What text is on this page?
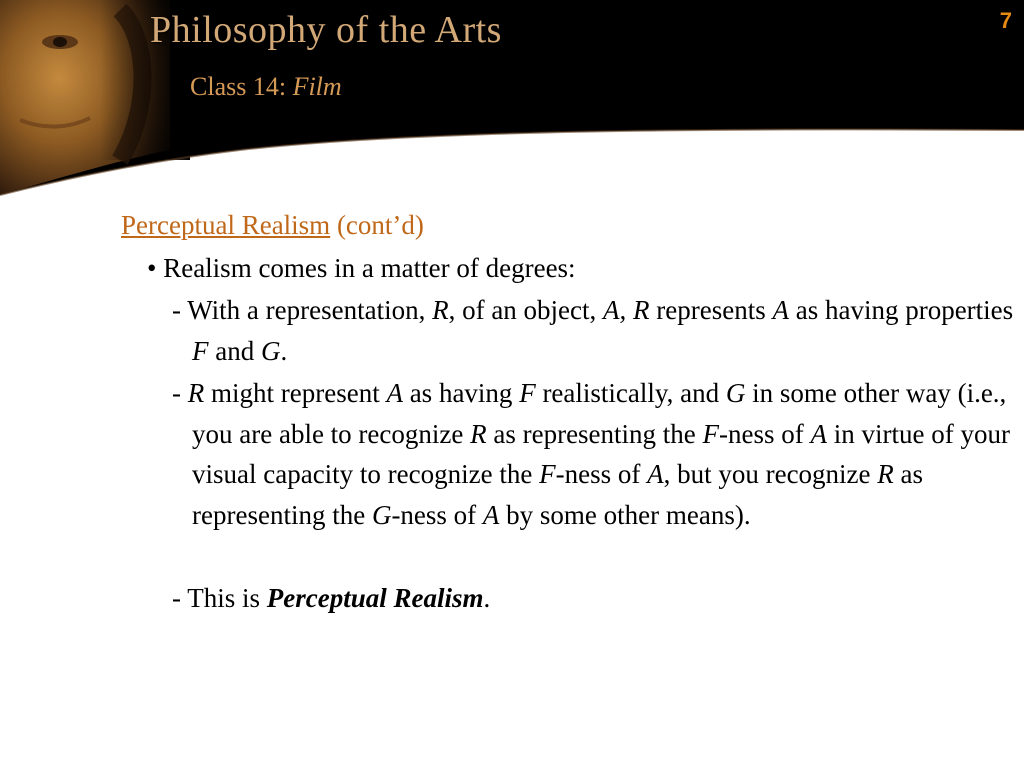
Philosophy of the Arts
Class 14: Film
7
Perceptual Realism (cont’d)
• Realism comes in a matter of degrees:
- With a representation, R, of an object, A, R represents A as having properties F and G.
- R might represent A as having F realistically, and G in some other way (i.e., you are able to recognize R as representing the F-ness of A in virtue of your visual capacity to recognize the F-ness of A, but you recognize R as representing the G-ness of A by some other means).
- This is Perceptual Realism.
